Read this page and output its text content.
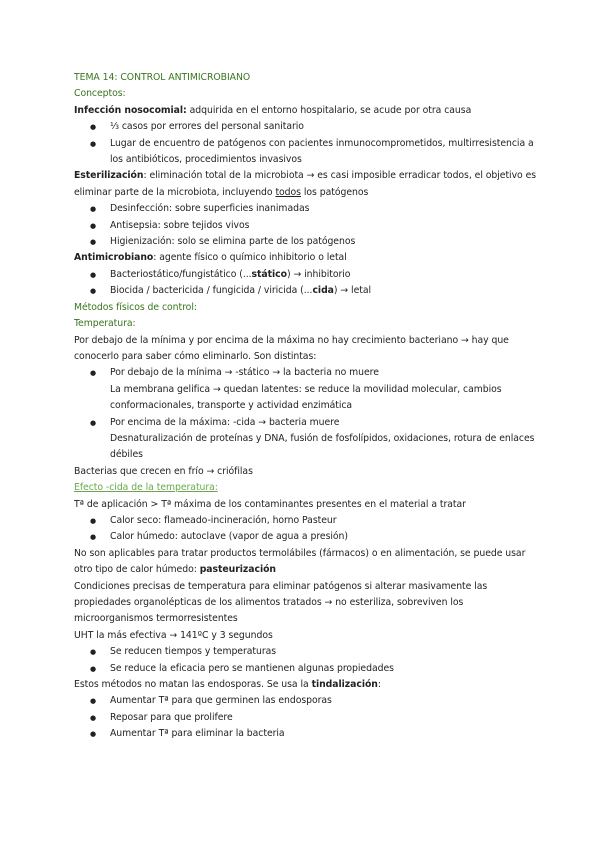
TEMA 14: CONTROL ANTIMICROBIANO
Conceptos:
Infección nosocomial: adquirida en el entorno hospitalario, se acude por otra causa
● ⅓ casos por errores del personal sanitario
● Lugar de encuentro de patógenos con pacientes inmunocomprometidos, multirresistencia a
los antibióticos, procedimientos invasivos
Esterilización: eliminación total de la microbiota → es casi imposible erradicar todos, el objetivo es
eliminar parte de la microbiota, incluyendo todos los patógenos
● Desinfección: sobre superficies inanimadas
● Antisepsia: sobre tejidos vivos
● Higienización: solo se elimina parte de los patógenos
Antimicrobiano: agente físico o químico inhibitorio o letal
● Bacteriostático/fungistático (...stático) → inhibitorio
● Biocida / bactericida / fungicida / viricida (...cida) → letal
Métodos físicos de control:
Temperatura:
Por debajo de la mínima y por encima de la máxima no hay crecimiento bacteriano → hay que
conocerlo para saber cómo eliminarlo. Son distintas:
● Por debajo de la mínima → -stático → la bacteria no muere
La membrana gelifica → quedan latentes: se reduce la movilidad molecular, cambios
conformacionales, transporte y actividad enzimática
● Por encima de la máxima: -cida → bacteria muere
Desnaturalización de proteínas y DNA, fusión de fosfolípidos, oxidaciones, rotura de enlaces
débiles
Bacterias que crecen en frío → criófilas
Efecto -cida de la temperatura:
Tª de aplicación > Tª máxima de los contaminantes presentes en el material a tratar
● Calor seco: flameado-incineración, horno Pasteur
● Calor húmedo: autoclave (vapor de agua a presión)
No son aplicables para tratar productos termolábiles (fármacos) o en alimentación, se puede usar
otro tipo de calor húmedo: pasteurización
Condiciones precisas de temperatura para eliminar patógenos si alterar masivamente las
propiedades organolépticas de los alimentos tratados → no esteriliza, sobreviven los
microorganismos termorresistentes
UHT la más efectiva → 141ºC y 3 segundos
● Se reducen tiempos y temperaturas
● Se reduce la eficacia pero se mantienen algunas propiedades
Estos métodos no matan las endosporas. Se usa la tindalización:
● Aumentar Tª para que germinen las endosporas
● Reposar para que prolifere
● Aumentar Tª para eliminar la bacteria
